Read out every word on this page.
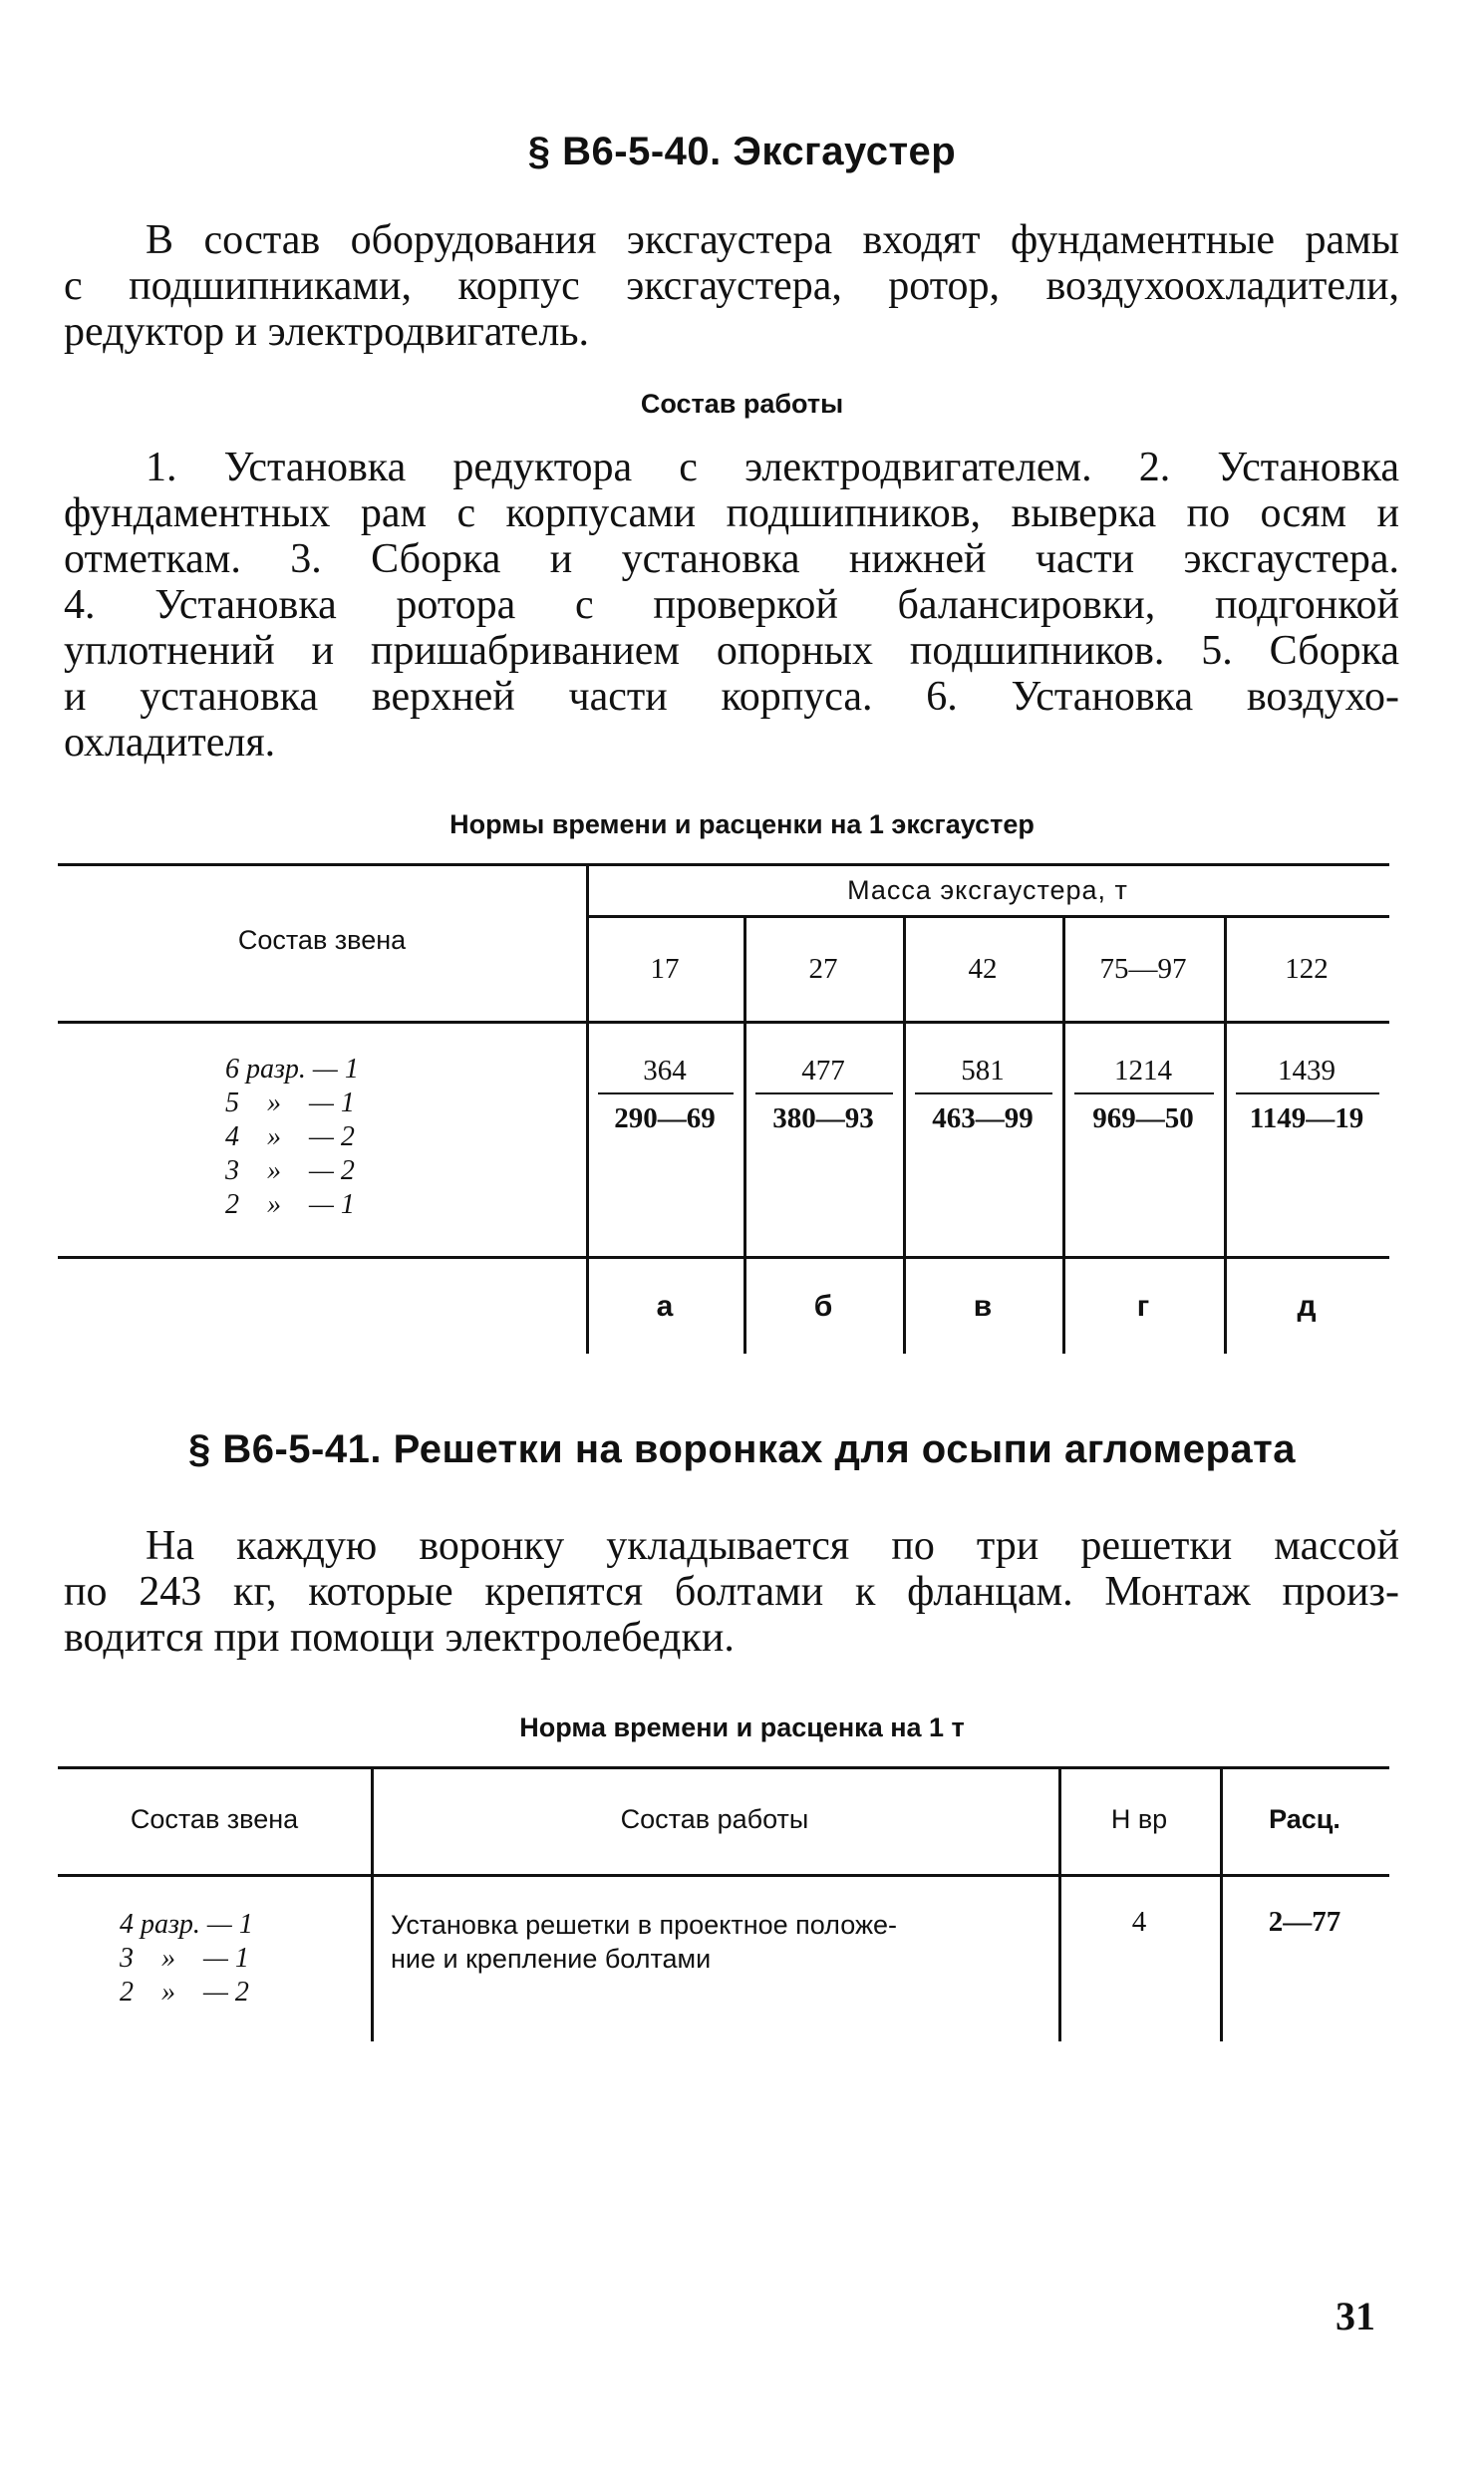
§ В6-5-40. Эксгаустер
В состав оборудования эксгаустера входят фундаментные рамы
с подшипниками, корпус эксгаустера, ротор, воздухоохладители,
редуктор и электродвигатель.
Состав работы
1. Установка редуктора с электродвигателем. 2. Установка
фундаментных рам с корпусами подшипников, выверка по осям и
отметкам. 3. Сборка и установка нижней части эксгаустера.
4. Установка ротора с проверкой балансировки, подгонкой
уплотнений и пришабриванием опорных подшипников. 5. Сборка
и установка верхней части корпуса. 6. Установка воздухо-
охладителя.
Нормы времени и расценки на 1 эксгаустер
Состав звена
Масса эксгаустера, т
17	27	42	75—97	122
6 разр. — 1
5    »    — 1
4    »    — 2
3    »    — 2
2    »    — 1
364	477	581	1214	1439
290—69	380—93	463—99	969—50	1149—19
а	б	в	г	д
§ В6-5-41. Решетки на воронках для осыпи агломерата
На каждую воронку укладывается по три решетки массой
по 243 кг, которые крепятся болтами к фланцам. Монтаж произ-
водится при помощи электролебедки.
Норма времени и расценка на 1 т
Состав звена	Состав работы	Н вр	Расц.
4 разр. — 1
3    »    — 1
2    »    — 2
Установка решетки в проектное положе-
ние и крепление болтами
4	2—77
31
